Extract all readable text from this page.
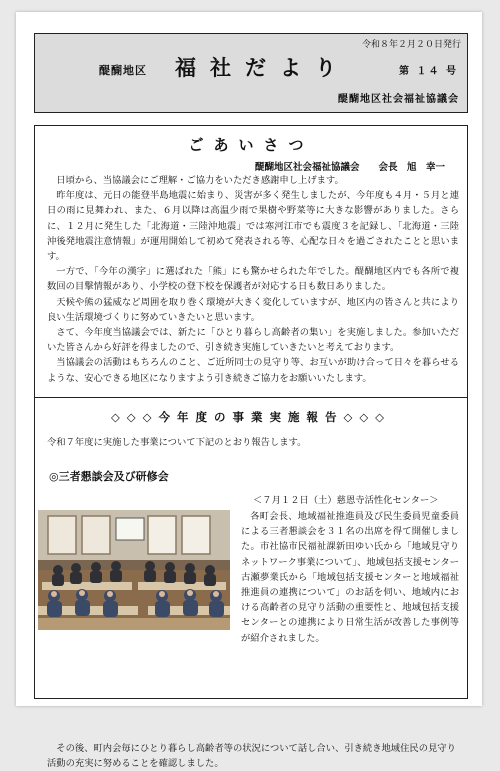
令和８年２月２０日発行
醍醐地区 福社だより	第 １４ 号
醍醐地区社会福祉協議会
ごあいさつ
醍醐地区社会福祉協議会　　会長　旭　幸一

日頃から、当協議会にご理解・ご協力をいただき感謝申し上げます。

昨年度は、元日の能登半島地震に始まり、災害が多く発生しましたが、今年度も４月・５月と連日の雨に見舞われ、また、６月以降は高温少雨で果樹や野菜等に大きな影響がありました。さらに、１２月に発生した「北海道・三陸沖地震」では寒河江市でも震度３を記録し、「北海道・三陸沖後発地震注意情報」が運用開始して初めて発表される等、心配な日々を過ごされたことと思います。

一方で、「今年の漢字」に選ばれた「熊」にも驚かせられた年でした。醍醐地区内でも各所で複数回の目撃情報があり、小学校の登下校を保護者が対応する日も数日ありました。

天候や熊の猛威など周囲を取り巻く環境が大きく変化していますが、地区内の皆さんと共により良い生活環境づくりに努めていきたいと思います。

さて、今年度当協議会では、新たに「ひとり暮らし高齢者の集い」を実施しました。参加いただいた皆さんから好評を得ましたので、引き続き実施していきたいと考えております。

当協議会の活動はもちろんのこと、ご近所同士の見守り等、お互いが助け合って日々を暮らせるような、安心できる地区になりますよう引き続きご協力をお願いいたします。

◇◇◇今年度の事業実施報告◇◇◇
令和７年度に実施した事業について下記のとおり報告します。
◎三者懇談会及び研修会
＜７月１２日（土）慈恩寺活性化センター＞

各町会長、地域福祉推進員及び民生委員児童委員による三者懇談会を３１名の出席を得て開催しました。市社協市民福祉課新田ゆい氏から「地域見守りネットワーク事業について」、地域包括支援センター古瀬夢業氏から「地域包括支援センターと地域福祉推進員の連携について」のお話を伺い、地域内における高齢者の見守り活動の重要性と、地域包括支援センターとの連携により日常生活が改善した事例等が紹介されました。

その後、町内会毎にひとり暮らし高齢者等の状況について話し合い、引き続き地域住民の見守り活動の充実に努めることを確認しました。
